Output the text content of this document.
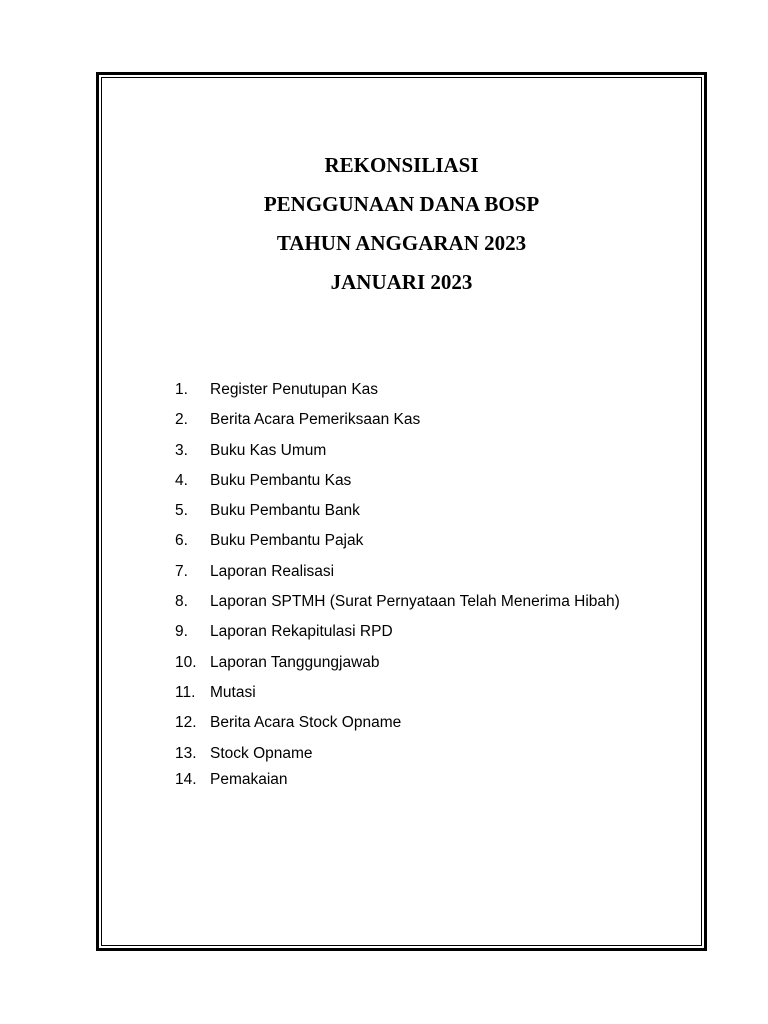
REKONSILIASI
PENGGUNAAN DANA BOSP
TAHUN ANGGARAN 2023
JANUARI 2023
1.	Register Penutupan Kas
2.	Berita Acara Pemeriksaan Kas
3.	Buku Kas Umum
4.	Buku Pembantu Kas
5.	Buku Pembantu Bank
6.	Buku Pembantu Pajak
7.	Laporan Realisasi
8.	Laporan SPTMH (Surat Pernyataan Telah Menerima Hibah)
9.	Laporan Rekapitulasi RPD
10. Laporan Tanggungjawab
11. Mutasi
12. Berita Acara Stock Opname
13. Stock Opname
14. Pemakaian
